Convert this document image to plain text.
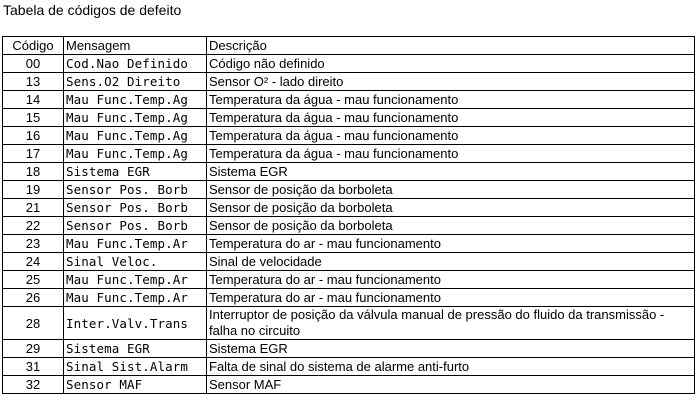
Tabela de códigos de defeito
Código	Mensagem	Descrição
00	Cod.Nao Definido	Código não definido
13	Sens.O2 Direito	Sensor O² - lado direito
14	Mau Func.Temp.Ag	Temperatura da água - mau funcionamento
15	Mau Func.Temp.Ag	Temperatura da água - mau funcionamento
16	Mau Func.Temp.Ag	Temperatura da água - mau funcionamento
17	Mau Func.Temp.Ag	Temperatura da água - mau funcionamento
18	Sistema EGR	Sistema EGR
19	Sensor Pos. Borb	Sensor de posição da borboleta
21	Sensor Pos. Borb	Sensor de posição da borboleta
22	Sensor Pos. Borb	Sensor de posição da borboleta
23	Mau Func.Temp.Ar	Temperatura do ar - mau funcionamento
24	Sinal Veloc.	Sinal de velocidade
25	Mau Func.Temp.Ar	Temperatura do ar - mau funcionamento
26	Mau Func.Temp.Ar	Temperatura do ar - mau funcionamento
28	Inter.Valv.Trans	Interruptor de posição da válvula manual de pressão do fluido da transmissão - falha no circuito
29	Sistema EGR	Sistema EGR
31	Sinal Sist.Alarm	Falta de sinal do sistema de alarme anti-furto
32	Sensor MAF	Sensor MAF
